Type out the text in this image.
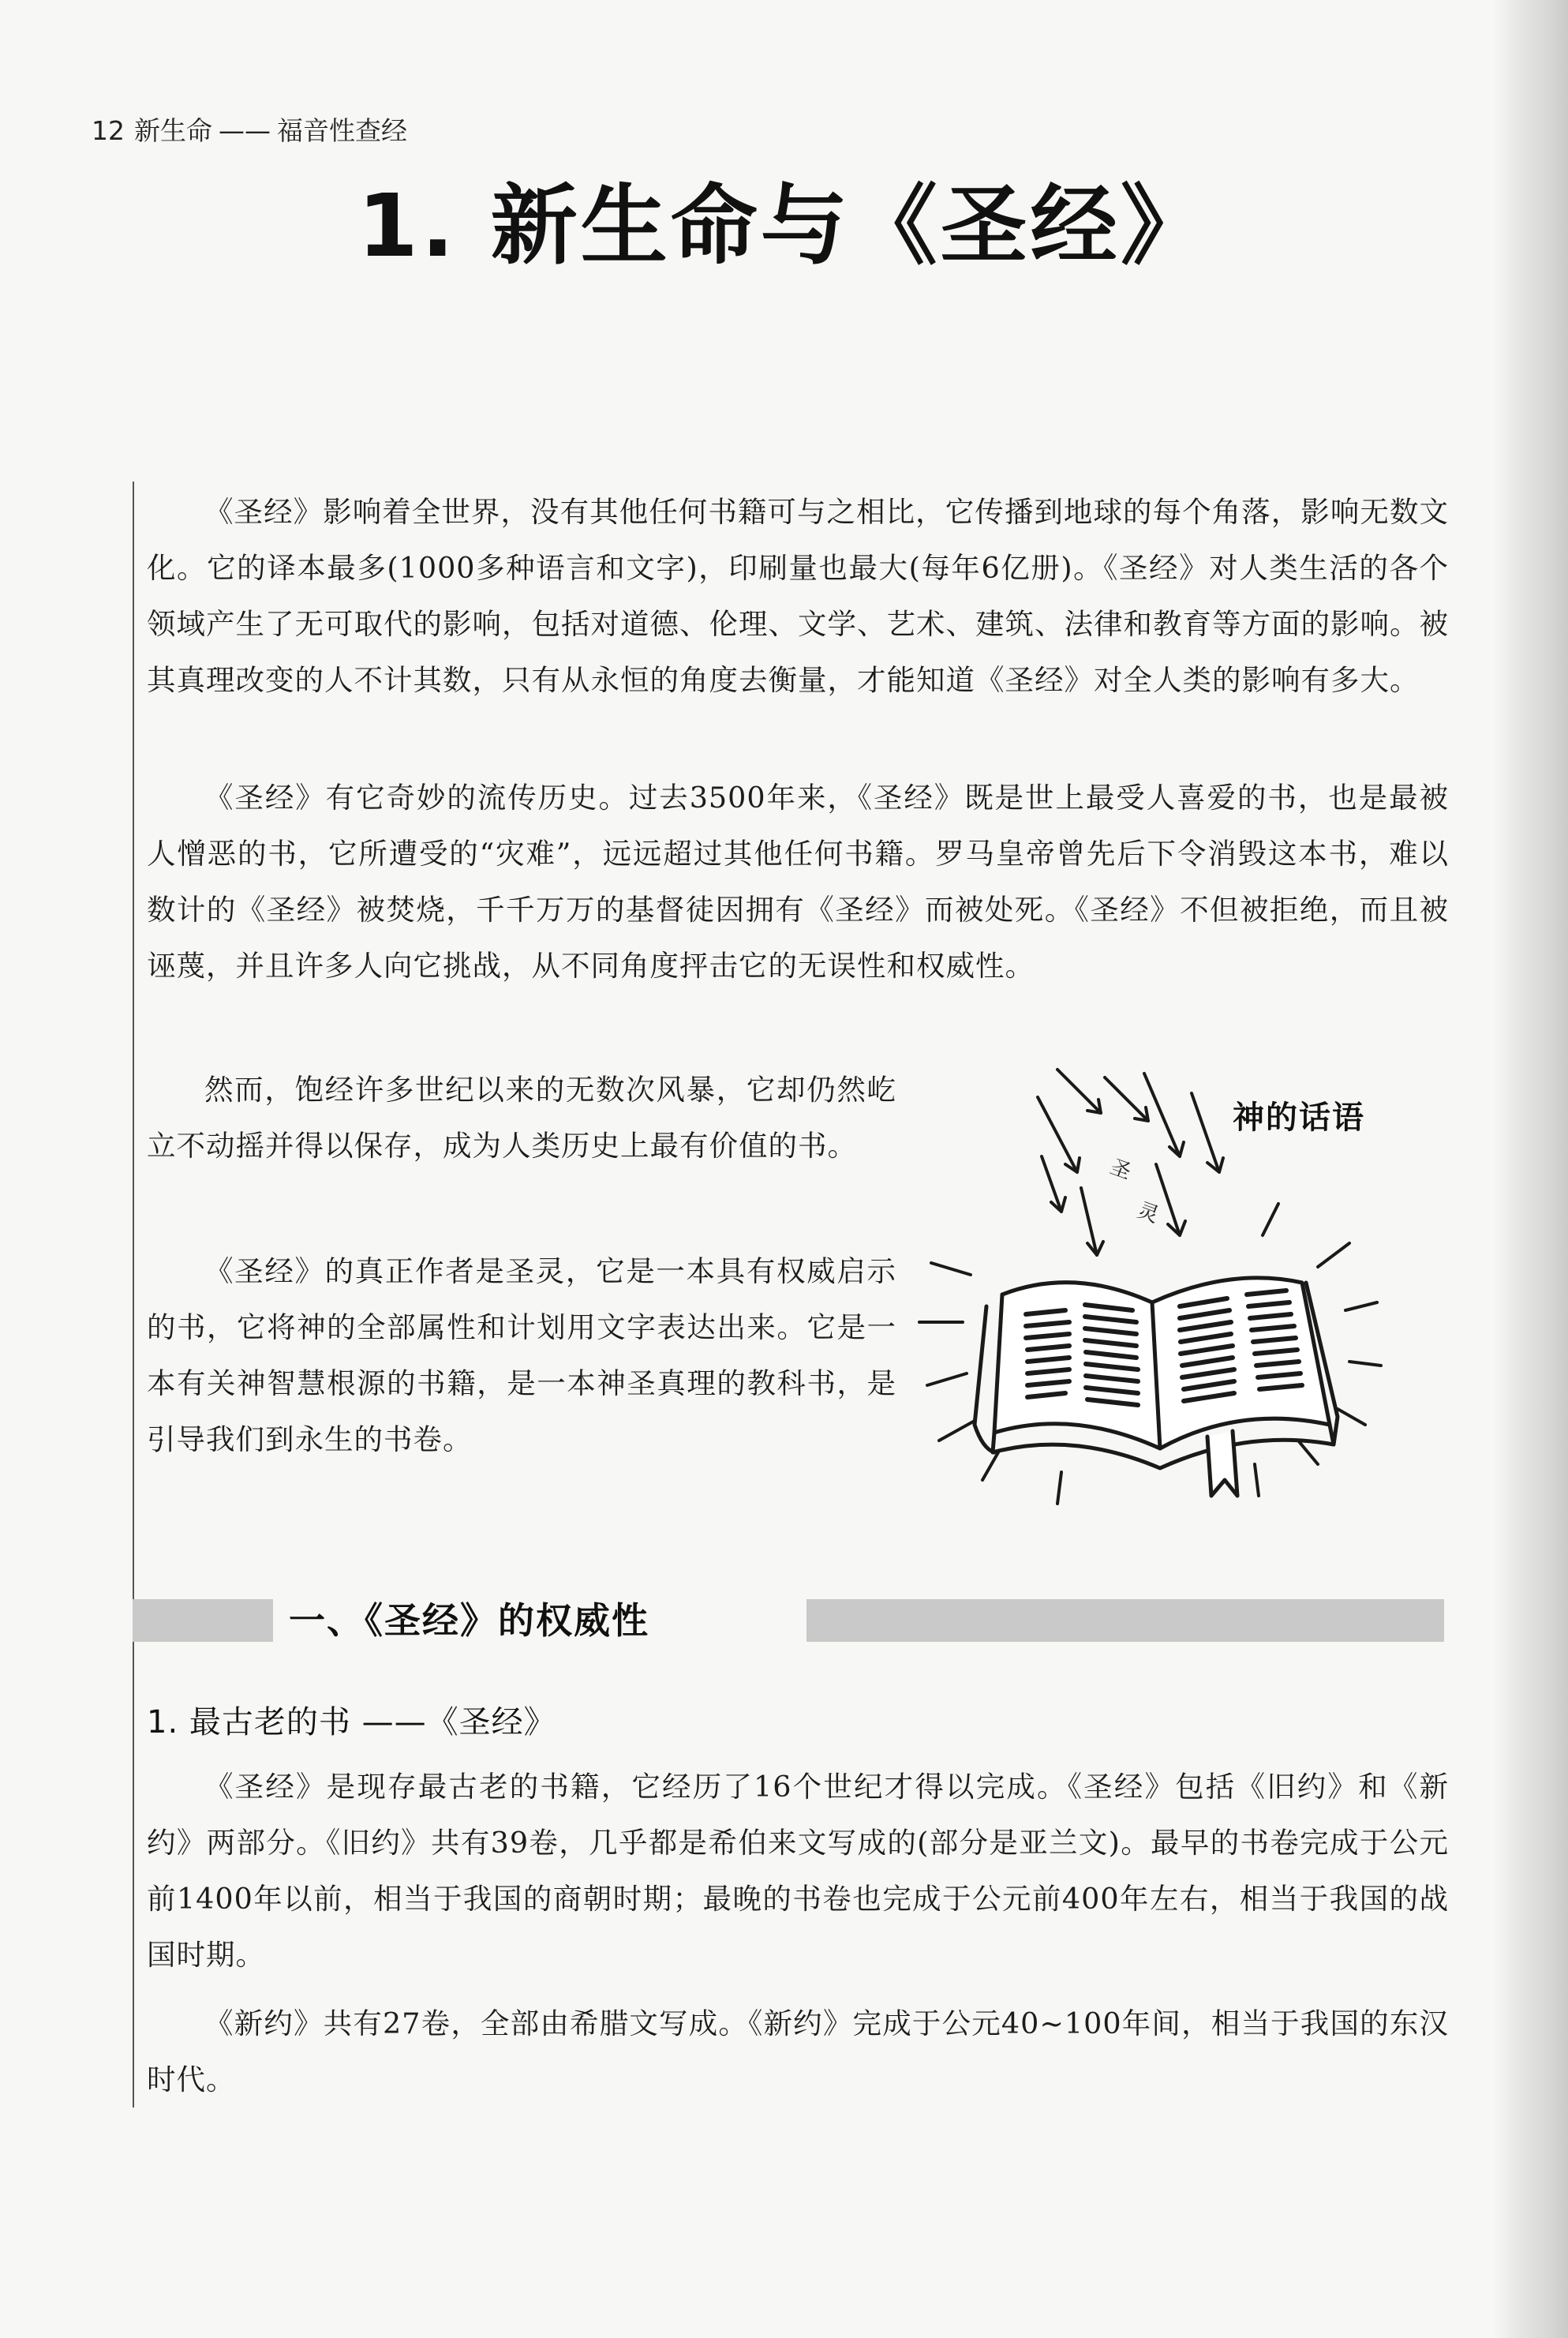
12 新生命 —— 福音性查经
1. 新生命与《圣经》

《圣经》影响着全世界，没有其他任何书籍可与之相比，它传播到地球的每个角落，影响无数文化。它的译本最多(1000多种语言和文字)，印刷量也最大(每年6亿册)。《圣经》对人类生活的各个领域产生了无可取代的影响，包括对道德、伦理、文学、艺术、建筑、法律和教育等方面的影响。被其真理改变的人不计其数，只有从永恒的角度去衡量，才能知道《圣经》对全人类的影响有多大。

《圣经》有它奇妙的流传历史。过去3500年来，《圣经》既是世上最受人喜爱的书，也是最被人憎恶的书，它所遭受的“灾难”，远远超过其他任何书籍。罗马皇帝曾先后下令消毁这本书，难以数计的《圣经》被焚烧，千千万万的基督徒因拥有《圣经》而被处死。《圣经》不但被拒绝，而且被诬蔑，并且许多人向它挑战，从不同角度抨击它的无误性和权威性。

然而，饱经许多世纪以来的无数次风暴，它却仍然屹立不动摇并得以保存，成为人类历史上最有价值的书。

《圣经》的真正作者是圣灵，它是一本具有权威启示的书，它将神的全部属性和计划用文字表达出来。它是一本有关神智慧根源的书籍，是一本神圣真理的教科书，是引导我们到永生的书卷。

圣
灵
神的话语
一、《圣经》的权威性
1. 最古老的书 ——《圣经》

《圣经》是现存最古老的书籍，它经历了16个世纪才得以完成。《圣经》包括《旧约》和《新约》两部分。《旧约》共有39卷，几乎都是希伯来文写成的(部分是亚兰文)。最早的书卷完成于公元前1400年以前，相当于我国的商朝时期；最晚的书卷也完成于公元前400年左右，相当于我国的战国时期。

《新约》共有27卷，全部由希腊文写成。《新约》完成于公元40~100年间，相当于我国的东汉时代。
